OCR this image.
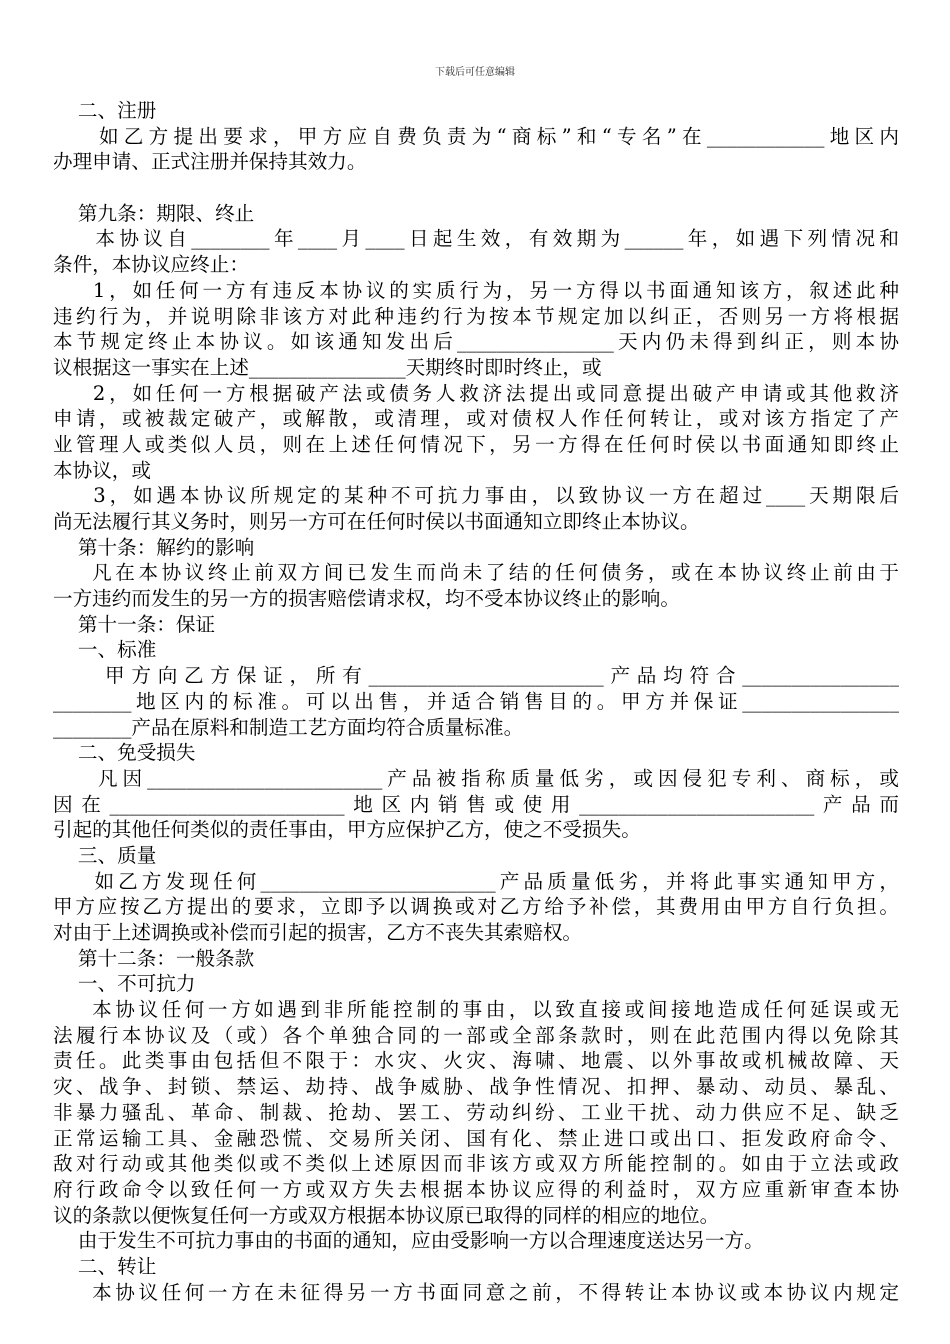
下载后可任意编辑
二、注册
如乙方提出要求，甲方应自费负责为“商标”和“专名”在____________地区内
办理申请、正式注册并保持其效力。
第九条：期限、终止
本协议自________年____月____日起生效，有效期为______年，如遇下列情况和
条件，本协议应终止：
1，如任何一方有违反本协议的实质行为，另一方得以书面通知该方，叙述此种
违约行为，并说明除非该方对此种违约行为按本节规定加以纠正，否则另一方将根据
本节规定终止本协议。如该通知发出后________________天内仍未得到纠正，则本协
议根据这一事实在上述________________天期终时即时终止，或
2，如任何一方根据破产法或债务人救济法提出或同意提出破产申请或其他救济
申请，或被裁定破产，或解散，或清理，或对债权人作任何转让，或对该方指定了产
业管理人或类似人员，则在上述任何情况下，另一方得在任何时侯以书面通知即终止
本协议，或
3，如遇本协议所规定的某种不可抗力事由，以致协议一方在超过____天期限后
尚无法履行其义务时，则另一方可在任何时侯以书面通知立即终止本协议。
第十条：解约的影响
凡在本协议终止前双方间已发生而尚未了结的任何债务，或在本协议终止前由于
一方违约而发生的另一方的损害赔偿请求权，均不受本协议终止的影响。
第十一条：保证
一、标准
甲方向乙方保证，所有________________________产品均符合________________
________地区内的标准。可以出售，并适合销售目的。甲方并保证________________
________产品在原料和制造工艺方面均符合质量标准。
二、免受损失
凡因________________________产品被指称质量低劣，或因侵犯专利、商标，或
因在________________________地区内销售或使用________________________产品而
引起的其他任何类似的责任事由，甲方应保护乙方，使之不受损失。
三、质量
如乙方发现任何________________________产品质量低劣，并将此事实通知甲方，
甲方应按乙方提出的要求，立即予以调换或对乙方给予补偿，其费用由甲方自行负担。
对由于上述调换或补偿而引起的损害，乙方不丧失其索赔权。
第十二条：一般条款
一、不可抗力
本协议任何一方如遇到非所能控制的事由，以致直接或间接地造成任何延误或无
法履行本协议及（或）各个单独合同的一部或全部条款时，则在此范围内得以免除其
责任。此类事由包括但不限于：水灾、火灾、海啸、地震、以外事故或机械故障、天
灾、战争、封锁、禁运、劫持、战争威胁、战争性情况、扣押、暴动、动员、暴乱、
非暴力骚乱、革命、制裁、抢劫、罢工、劳动纠纷、工业干扰、动力供应不足、缺乏
正常运输工具、金融恐慌、交易所关闭、国有化、禁止进口或出口、拒发政府命令、
敌对行动或其他类似或不类似上述原因而非该方或双方所能控制的。如由于立法或政
府行政命令以致任何一方或双方失去根据本协议应得的利益时，双方应重新审查本协
议的条款以便恢复任何一方或双方根据本协议原已取得的同样的相应的地位。
由于发生不可抗力事由的书面的通知，应由受影响一方以合理速度送达另一方。
二、转让
本协议任何一方在未征得另一方书面同意之前，不得转让本协议或本协议内规定
